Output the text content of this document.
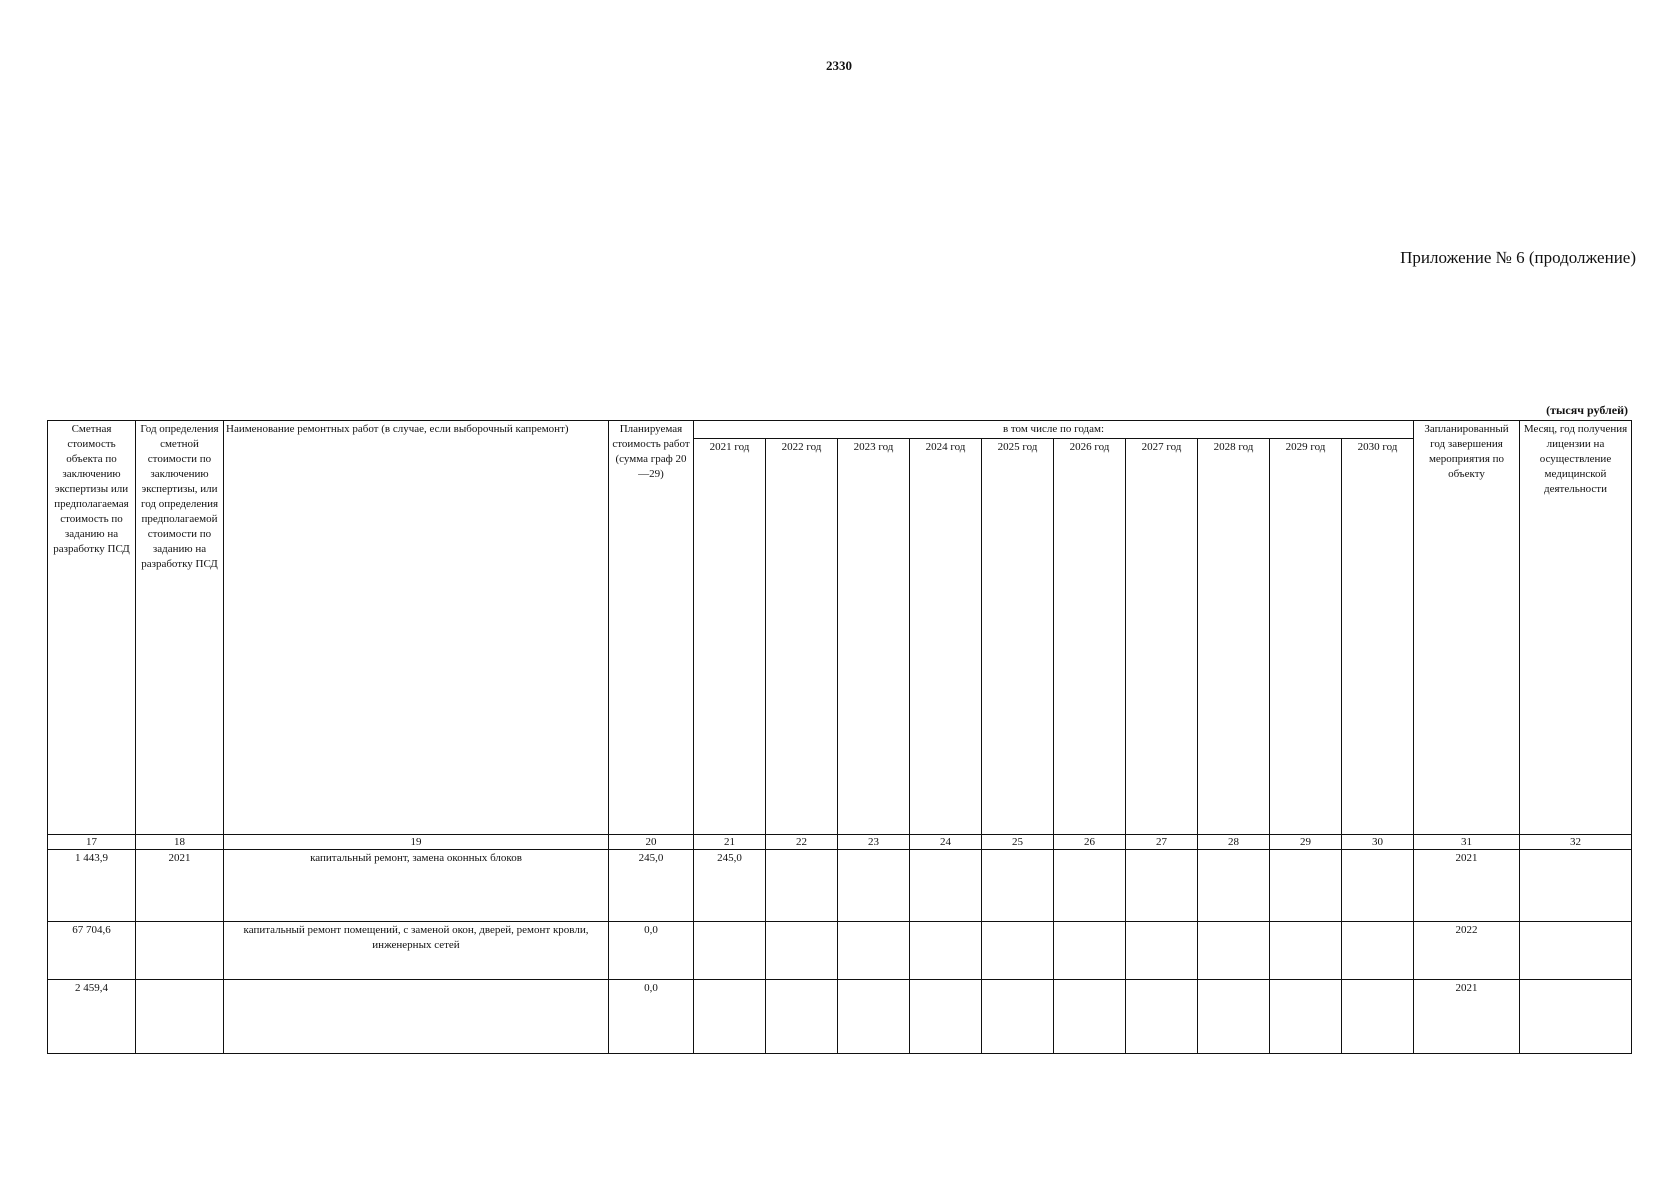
2330
Приложение № 6 (продолжение)
(тысяч рублей)
Сметная стоимость объекта по заключению экспертизы или предполагаемая стоимость по заданию на разработку ПСД	Год определения сметной стоимости по заключению экспертизы, или год определения предполагаемой стоимости по заданию на разработку ПСД	Наименование ремонтных работ (в случае, если выборочный капремонт)	Планируемая стоимость работ (сумма граф 20—29)	в том числе по годам:										Запланированный год завершения мероприятия по объекту	Месяц, год получения лицензии на осуществление медицинской деятельности
				2021 год	2022 год	2023 год	2024 год	2025 год	2026 год	2027 год	2028 год	2029 год	2030 год		
17	18	19	20	21	22	23	24	25	26	27	28	29	30	31	32
1 443,9	2021	капитальный ремонт, замена оконных блоков	245,0	245,0										2021	
67 704,6		капитальный ремонт помещений, с заменой окон, дверей, ремонт кровли, инженерных сетей	0,0											2022	
2 459,4			0,0											2021	
